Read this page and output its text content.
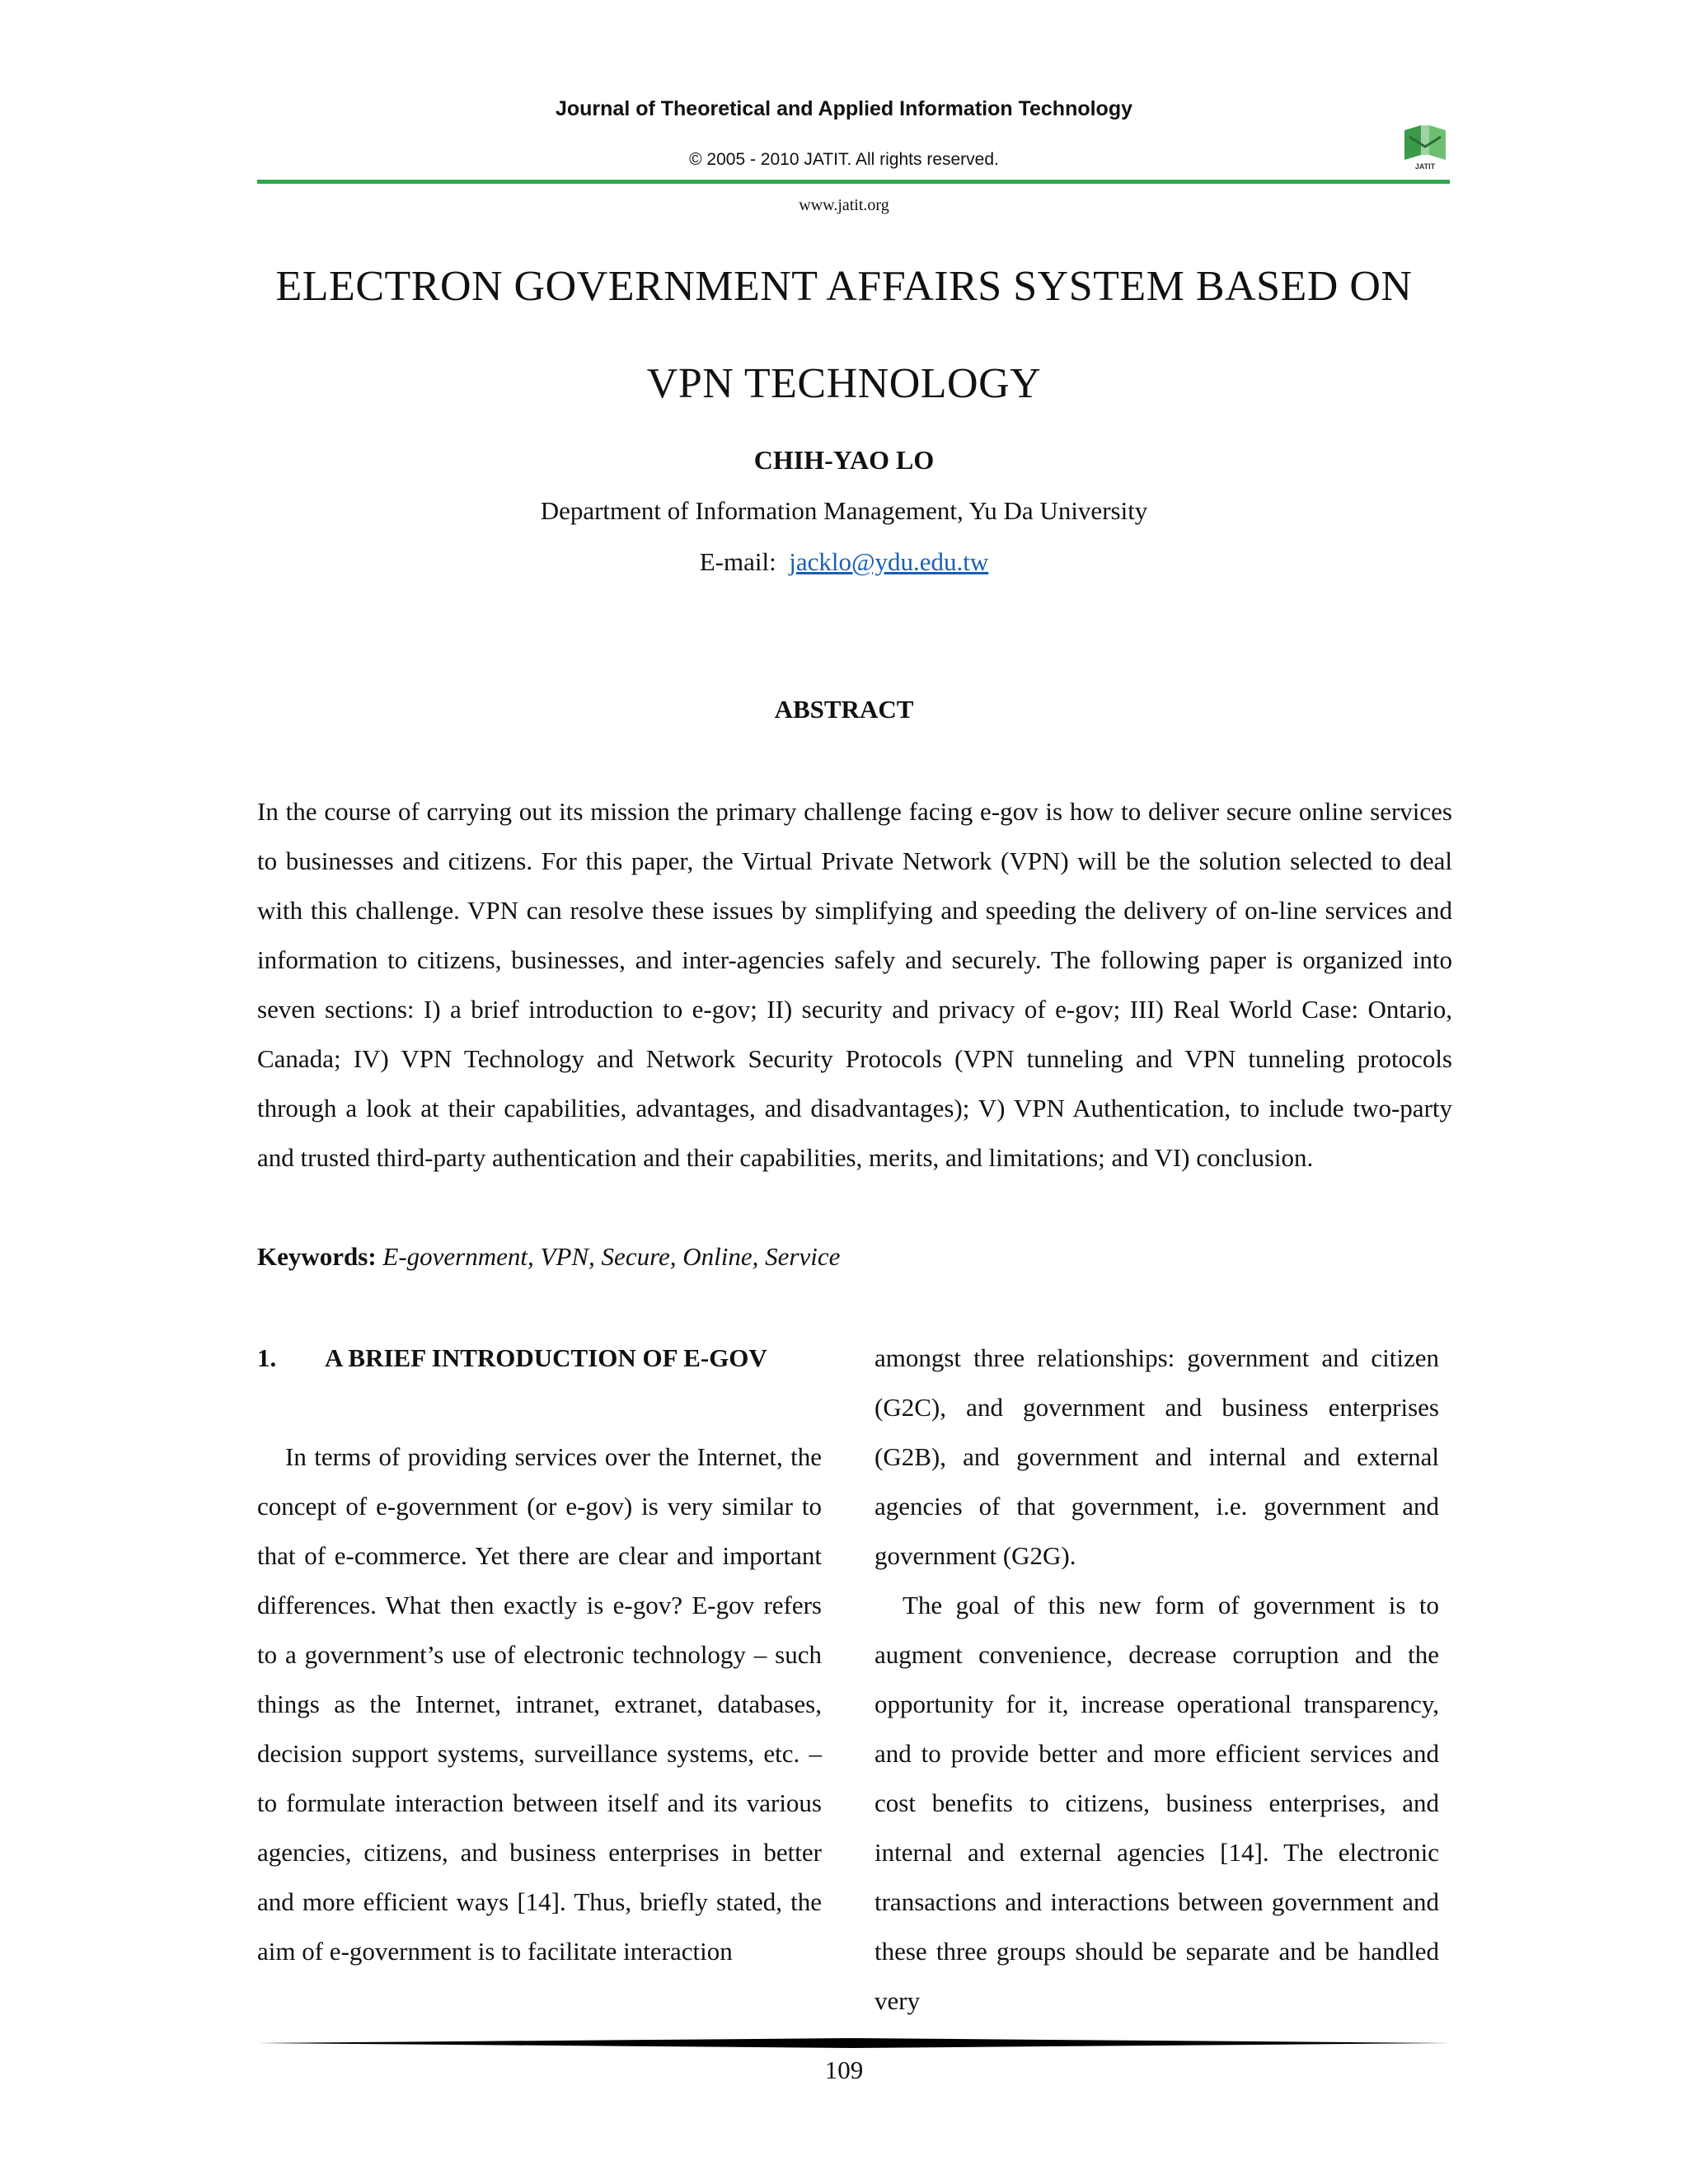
Journal of Theoretical and Applied Information Technology
© 2005 - 2010 JATIT. All rights reserved.	JATIT
www.jatit.org
ELECTRON GOVERNMENT AFFAIRS SYSTEM BASED ON
VPN TECHNOLOGY
CHIH-YAO LO
Department of Information Management, Yu Da University
E-mail: jacklo@ydu.edu.tw
ABSTRACT

In the course of carrying out its mission the primary challenge facing e-gov is how to deliver secure online services to businesses and citizens. For this paper, the Virtual Private Network (VPN) will be the solution selected to deal with this challenge. VPN can resolve these issues by simplifying and speeding the delivery of on-line services and information to citizens, businesses, and inter-agencies safely and securely. The following paper is organized into seven sections: I) a brief introduction to e-gov; II) security and privacy of e-gov; III) Real World Case: Ontario, Canada; IV) VPN Technology and Network Security Protocols (VPN tunneling and VPN tunneling protocols through a look at their capabilities, advantages, and disadvantages); V) VPN Authentication, to include two-party and trusted third-party authentication and their capabilities, merits, and limitations; and VI) conclusion.

Keywords: E-government, VPN, Secure, Online, Service
1.	A BRIEF INTRODUCTION OF E-GOV

In terms of providing services over the Internet, the concept of e-government (or e-gov) is very similar to that of e-commerce. Yet there are clear and important differences. What then exactly is e-gov? E-gov refers to a government’s use of electronic technology – such things as the Internet, intranet, extranet, databases, decision support systems, surveillance systems, etc. – to formulate interaction between itself and its various agencies, citizens, and business enterprises in better and more efficient ways [14]. Thus, briefly stated, the aim of e-government is to facilitate interaction

amongst three relationships: government and citizen (G2C), and government and business enterprises (G2B), and government and internal and external agencies of that government, i.e. government and government (G2G).

The goal of this new form of government is to augment convenience, decrease corruption and the opportunity for it, increase operational transparency, and to provide better and more efficient services and cost benefits to citizens, business enterprises, and internal and external agencies [14]. The electronic transactions and interactions between government and these three groups should be separate and be handled very

109
